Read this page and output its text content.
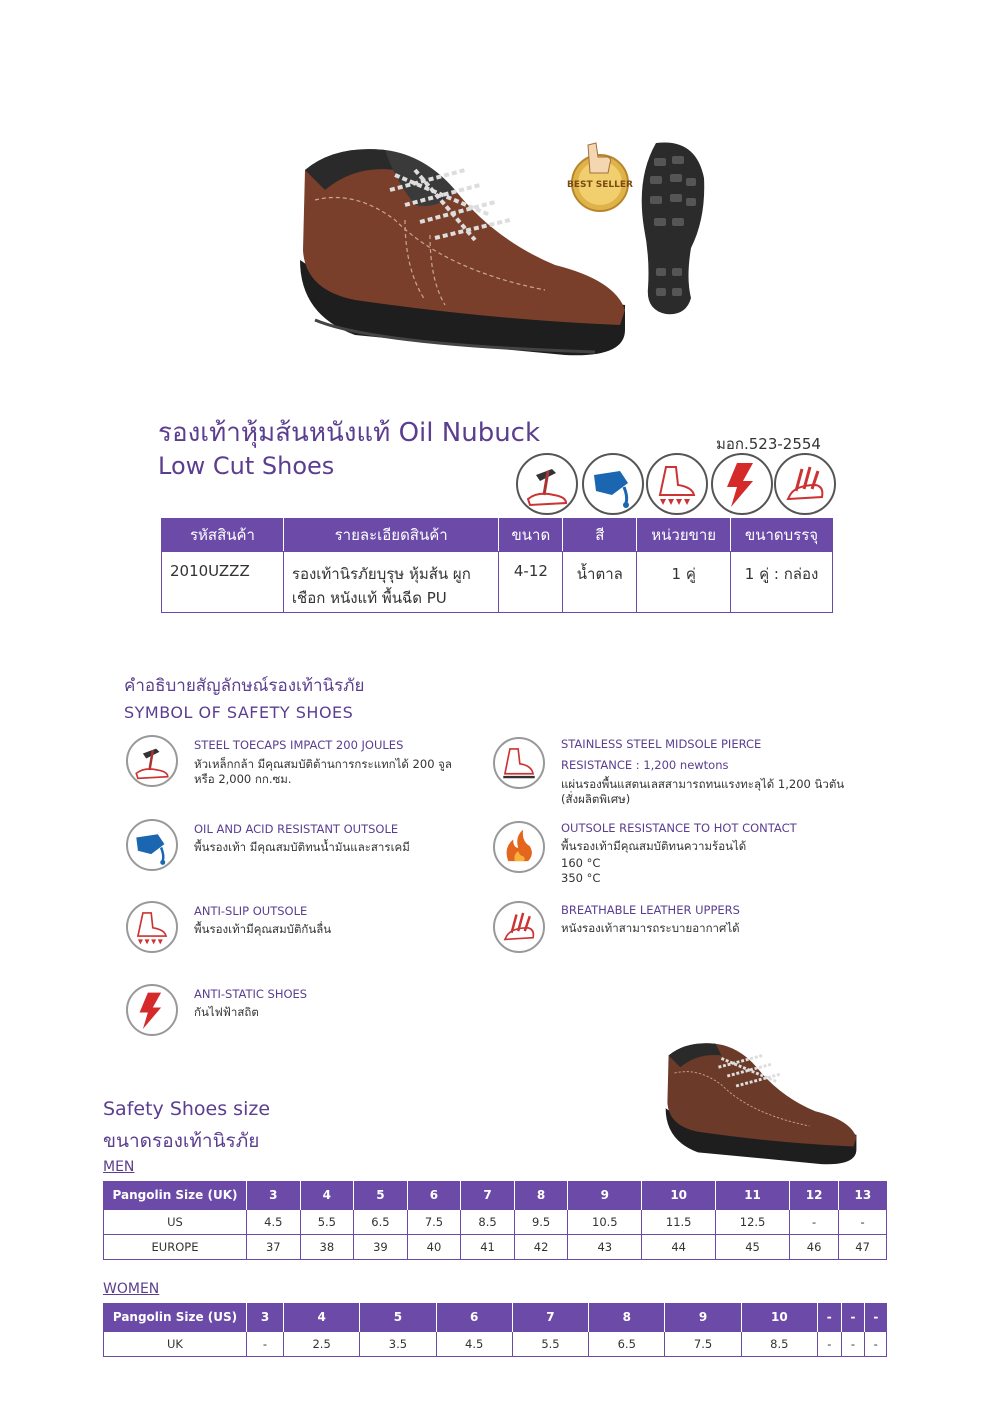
BEST SELLER
รองเท้าหุ้มส้นหนังแท้ Oil Nubuck
Low Cut Shoes
มอก.523-2554
รหัสสินค้า	รายละเอียดสินค้า	ขนาด	สี	หน่วยขาย	ขนาดบรรจุ
2010UZZZ	รองเท้านิรภัยบุรุษ หุ้มส้น ผูกเชือก หนังแท้ พื้นฉีด PU	4-12	น้ำตาล	1 คู่	1 คู่ : กล่อง
คำอธิบายสัญลักษณ์รองเท้านิรภัย
SYMBOL OF SAFETY SHOES
STEEL TOECAPS IMPACT 200 JOULES
หัวเหล็กกล้า มีคุณสมบัติต้านการกระแทกได้ 200 จูล หรือ 2,000 กก.ซม.
OIL AND ACID RESISTANT OUTSOLE
พื้นรองเท้า มีคุณสมบัติทนน้ำมันและสารเคมี
ANTI-SLIP OUTSOLE
พื้นรองเท้ามีคุณสมบัติกันลื่น
ANTI-STATIC SHOES
กันไฟฟ้าสถิต
STAINLESS STEEL MIDSOLE PIERCE
RESISTANCE : 1,200 newtons
แผ่นรองพื้นแสตนเลสสามารถทนแรงทะลุได้ 1,200 นิวตัน (สั่งผลิตพิเศษ)
OUTSOLE RESISTANCE TO HOT CONTACT
พื้นรองเท้ามีคุณสมบัติทนความร้อนได้
160 °C
350 °C
BREATHABLE LEATHER UPPERS
หนังรองเท้าสามารถระบายอากาศได้
Safety Shoes size
ขนาดรองเท้านิรภัย
MEN
Pangolin Size (UK)	3	4	5	6	7	8	9	10	11	12	13
US	4.5	5.5	6.5	7.5	8.5	9.5	10.5	11.5	12.5	-	-
EUROPE	37	38	39	40	41	42	43	44	45	46	47
WOMEN
Pangolin Size (US)	3	4	5	6	7	8	9	10	-	-	-
UK	-	2.5	3.5	4.5	5.5	6.5	7.5	8.5	-	-	-
